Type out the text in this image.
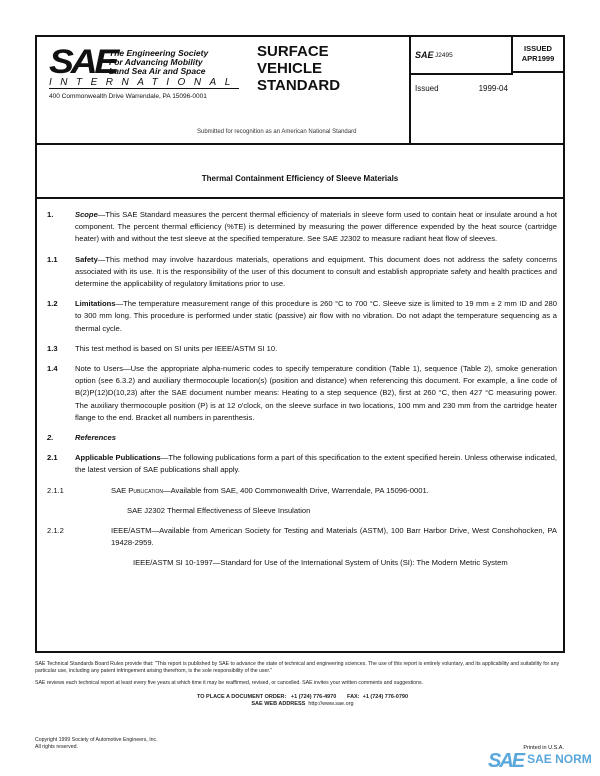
SAE
The Engineering Society
For Advancing Mobility
Land Sea Air and Space
INTERNATIONAL
400 Commonwealth Drive Warrendale, PA 15096-0001
SURFACE
VEHICLE
STANDARD
Submitted for recognition as an American National Standard
SAE J2495
ISSUED
APR1999
Issued	1999-04
Thermal Containment Efficiency of Sleeve Materials
1.	Scope—This SAE Standard measures the percent thermal efficiency of materials in sleeve form used to contain heat or insulate around a hot component. The percent thermal efficiency (%TE) is determined by measuring the power difference expended by the heat source (cartridge heater) with and without the test sleeve at the specified temperature. See SAE J2302 to measure radiant heat flow of sleeves.
1.1 Safety—This method may involve hazardous materials, operations and equipment. This document does not address the safety concerns associated with its use. It is the responsibility of the user of this document to consult and establish appropriate safety and health practices and determine the applicability of regulatory limitations prior to use.
1.2 Limitations—The temperature measurement range of this procedure is 260 °C to 700 °C. Sleeve size is limited to 19 mm ± 2 mm ID and 280 to 300 mm long. This procedure is performed under static (passive) air flow with no vibration. Do not adapt the temperature sequencing as a thermal cycle.
1.3 This test method is based on SI units per IEEE/ASTM SI 10.
1.4 Note to Users—Use the appropriate alpha-numeric codes to specify temperature condition (Table 1), sequence (Table 2), smoke generation option (see 6.3.2) and auxiliary thermocouple location(s) (position and distance) when referencing this document. For example, a line code of B(2)P(12)D(10,23) after the SAE document number means: Heating to a step sequence (B2), first at 260 °C, then 427 °C measuring power. The auxiliary thermocouple position (P) is at 12 o'clock, on the sleeve surface in two locations, 100 mm and 230 mm from the cartridge heater flange to the end. Bracket all numbers in parenthesis.
2.	References
2.1 Applicable Publications—The following publications form a part of this specification to the extent specified herein. Unless otherwise indicated, the latest version of SAE publications shall apply.
2.1.1	SAE Publication—Available from SAE, 400 Commonwealth Drive, Warrendale, PA 15096-0001.
SAE J2302 Thermal Effectiveness of Sleeve Insulation
2.1.2	IEEE/ASTM—Available from American Society for Testing and Materials (ASTM), 100 Barr Harbor Drive, West Conshohocken, PA 19428-2959.
IEEE/ASTM SI 10-1997—Standard for Use of the International System of Units (SI): The Modern Metric System
SAE Technical Standards Board Rules provide that: "This report is published by SAE to advance the state of technical and engineering sciences. The use of this report is entirely voluntary, and its applicability and suitability for any particular use, including any patent infringement arising therefrom, is the sole responsibility of the user."
SAE reviews each technical report at least every five years at which time it may be reaffirmed, revised, or cancelled. SAE invites your written comments and suggestions.
TO PLACE A DOCUMENT ORDER: +1 (724) 776-4970 FAX: +1 (724) 776-0790
SAE WEB ADDRESS http://www.sae.org
Copyright 1999 Society of Automotive Engineers, Inc.
All rights reserved.	Printed in U.S.A.
SAE $^{SAE NORM}$
